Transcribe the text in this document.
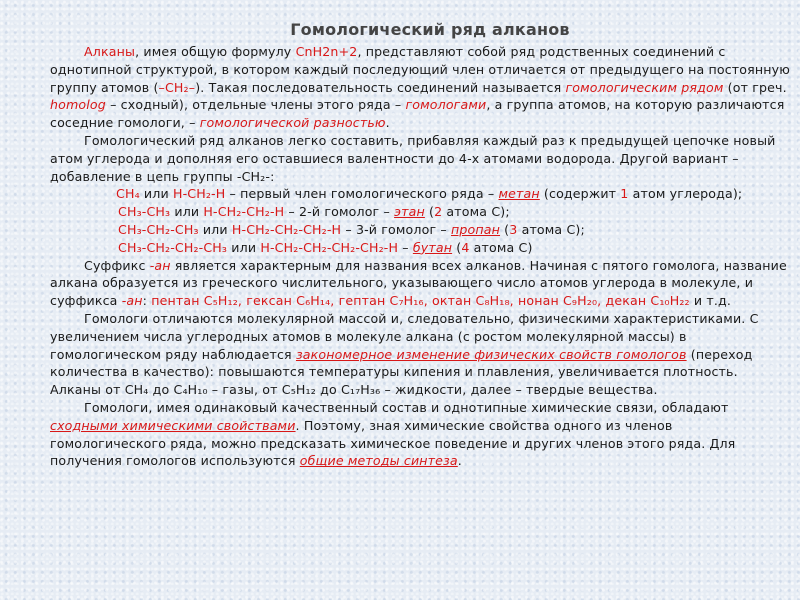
Гомологический ряд алканов

Алканы, имея общую формулу CnH2n+2, представляют собой ряд родственных соединений с однотипной структурой, в котором каждый последующий член отличается от предыдущего на постоянную группу атомов (–CH₂–). Такая последовательность соединений называется гомологическим рядом (от греч. homolog – сходный), отдельные члены этого ряда – гомологами, а группа атомов, на которую различаются соседние гомологи, – гомологической разностью.

Гомологический ряд алканов легко составить, прибавляя каждый раз к предыдущей цепочке новый атом углерода и дополняя его оставшиеся валентности до 4-х атомами водорода. Другой вариант – добавление в цепь группы -CH₂-:

CH₄ или H-CH₂-H – первый член гомологического ряда – метан (содержит 1 атом углерода);

CH₃-CH₃ или H-CH₂-CH₂-H – 2-й гомолог – этан (2 атома С);

CH₃-CH₂-CH₃ или H-CH₂-CH₂-CH₂-H – 3-й гомолог – пропан (3 атома С);

CH₃-CH₂-CH₂-CH₃ или H-CH₂-CH₂-CH₂-CH₂-H – бутан (4 атома С)

Суффикс -ан является характерным для названия всех алканов. Начиная с пятого гомолога, название алкана образуется из греческого числительного, указывающего число атомов углерода в молекуле, и суффикса -ан: пентан C₅H₁₂, гексан C₆H₁₄, гептан C₇H₁₆, октан C₈H₁₈, нонан C₉H₂₀, декан C₁₀H₂₂ и т.д.

Гомологи отличаются молекулярной массой и, следовательно, физическими характеристиками. С увеличением числа углеродных атомов в молекуле алкана (с ростом молекулярной массы) в гомологическом ряду наблюдается закономерное изменение физических свойств гомологов (переход количества в качество): повышаются температуры кипения и плавления, увеличивается плотность. Алканы от CH₄ до C₄H₁₀ – газы, от C₅H₁₂ до C₁₇H₃₆ – жидкости, далее – твердые вещества.

Гомологи, имея одинаковый качественный состав и однотипные химические связи, обладают сходными химическими свойствами. Поэтому, зная химические свойства одного из членов гомологического ряда, можно предсказать химическое поведение и других членов этого ряда. Для получения гомологов используются общие методы синтеза.
